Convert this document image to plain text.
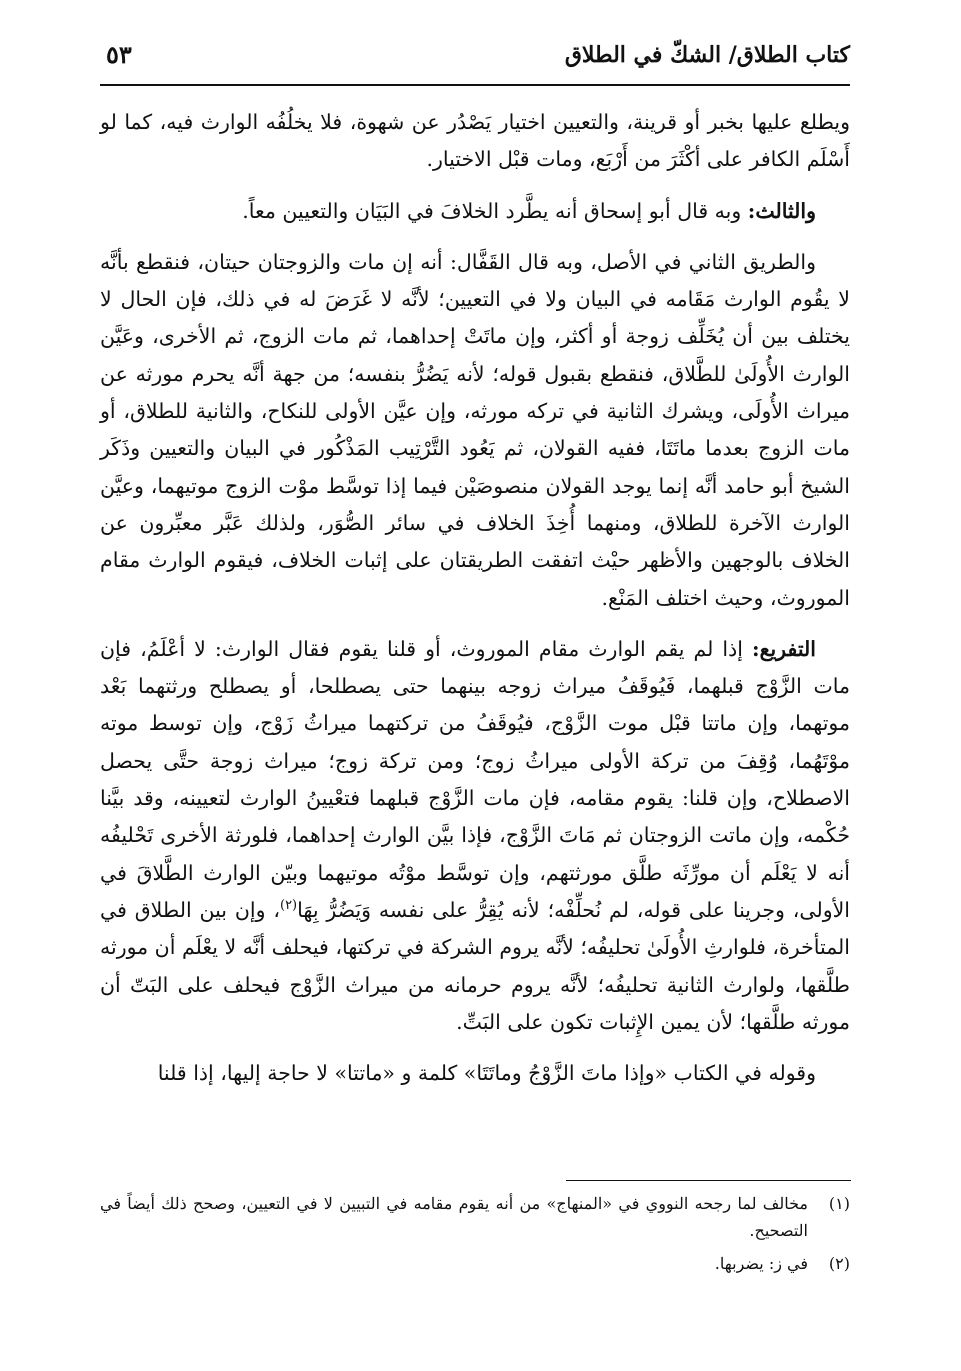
كتاب الطلاق/ الشكّ في الطلاق
٥٣

ويطلع عليها بخبر أو قرينة، والتعيين اختيار يَصْدُر عن شهوة، فلا يخلُفُه الوارث فيه، كما لو أَسْلَم الكافر على أكْثَرَ من أَرْبَع، ومات قبْل الاختيار.

والثالث: وبه قال أبو إسحاق أنه يطَّرد الخلافَ في البَيَان والتعيين معاً.

والطريق الثاني في الأصل، وبه قال القَفَّال: أنه إن مات والزوجتان حيتان، فنقطع بأنَّه لا يقُوم الوارث مَقَامه في البيان ولا في التعيين؛ لأنَّه لا غَرَضَ له في ذلك، فإن الحال لا يختلف بين أن يُخَلِّف زوجة أو أكثر، وإن ماتَتْ إحداهما، ثم مات الزوج، ثم الأخرى، وعَيَّن الوارث الأُولَىٰ للطَّلاق، فنقطع بقبول قوله؛ لأنه يَضُرُّ بنفسه؛ من جهة أنَّه يحرم مورثه عن ميراث الأُولَى، ويشرك الثانية في تركه مورثه، وإن عيَّن الأولى للنكاح، والثانية للطلاق، أو مات الزوج بعدما ماتَتَا، ففيه القولان، ثم يَعُود التَّرْتِيب المَذْكُور في البيان والتعيين وذَكَر الشيخ أبو حامد أنَّه إنما يوجد القولان منصوصَيْن فيما إذا توسَّط موْت الزوج موتيهما، وعيَّن الوارث الآخرة للطلاق، ومنهما أُخِذَ الخلاف في سائر الصُّوَر، ولذلك عَبَّر معبِّرون عن الخلاف بالوجهين والأظهر حيْث اتفقت الطريقتان على إثبات الخلاف، فيقوم الوارث مقام الموروث، وحيث اختلف المَنْع.

التفريع: إذا لم يقم الوارث مقام الموروث، أو قلنا يقوم فقال الوارث: لا أعْلَمُ، فإن مات الزَّوْج قبلهما، فَيُوقَفُ ميراث زوجه بينهما حتى يصطلحا، أو يصطلح ورثتهما بَعْد موتهما، وإن ماتتا قبْل موت الزَّوْج، فيُوقَفُ من تركتهما ميراثُ زَوْج، وإن توسط موته موْتَهُما، وُقِفَ من تركة الأولى ميراثُ زوج؛ ومن تركة زوج؛ ميراث زوجة حتَّى يحصل الاصطلاح، وإن قلنا: يقوم مقامه، فإن مات الزَّوْج قبلهما فتعْيينُ الوارث لتعيينه، وقد بيَّنا حُكْمه، وإن ماتت الزوجتان ثم مَاتَ الزَّوْج، فإذا بيَّن الوارث إحداهما، فلورثة الأخرى تَحْليفُه أنه لا يَعْلَم أن مورِّثَه طلَّق مورثتهم، وإن توسَّط موْتُه موتيهما وبيّن الوارث الطَّلاقَ في الأولى، وجرينا على قوله، لم نُحلِّفْه؛ لأنه يُقِرُّ على نفسه وَيَضُرُّ بِهَا$^{(٢)}$، وإن بين الطلاق في المتأخرة، فلوارثِ الأُولَىٰ تحليفُه؛ لأنَّه يروم الشركة في تركتها، فيحلف أنَّه لا يعْلَم أن مورثه طلَّقها، ولوارث الثانية تحليفُه؛ لأنَّه يروم حرمانه من ميراث الزَّوْج فيحلف على البَتّ أن مورثه طلَّقها؛ لأن يمين الإِثبات تكون على البَتِّ.

وقوله في الكتاب «وإذا ماتَ الزَّوْجُ وماتَتَا» كلمة و «ماتتا» لا حاجة إليها، إذا قلنا

(١)
مخالف لما رجحه النووي في «المنهاج» من أنه يقوم مقامه في التبيين لا في التعيين، وصحح ذلك أيضاً في التصحيح.
(٢)
في ز: يضربها.
